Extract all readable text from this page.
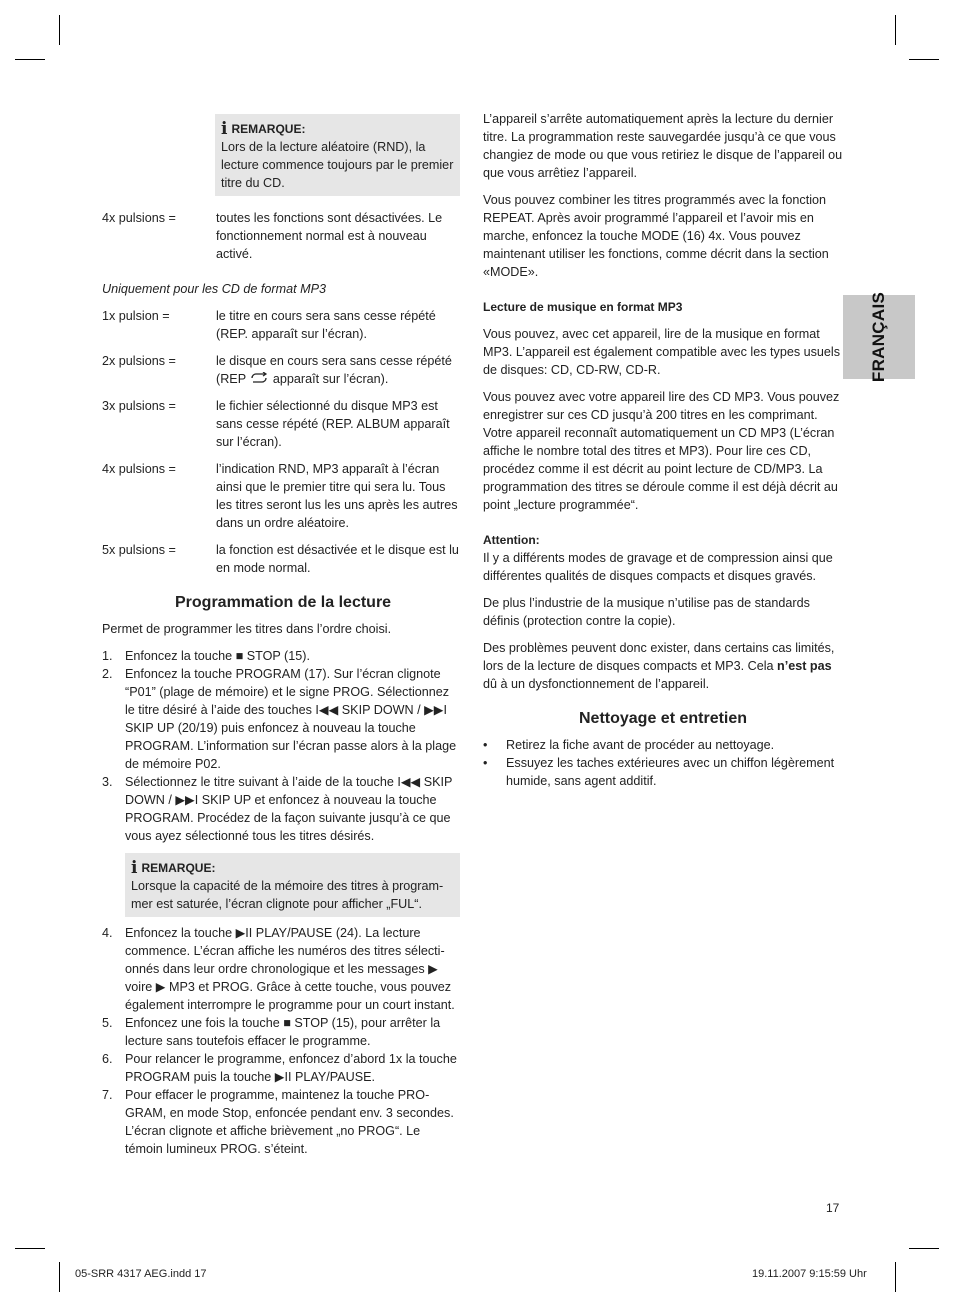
i REMARQUE:

Lors de la lecture aléatoire (RND), la lecture commence toujours par le premier titre du CD.

4x pulsions =	toutes les fonctions sont désactivées. Le fonctionnement normal est à nouveau activé.

Uniquement pour les CD de format MP3

1x pulsion =	le titre en cours sera sans cesse répété (REP. apparaît sur l’écran).
2x pulsions =	le disque en cours sera sans cesse répété (REP apparaît sur l’écran).
3x pulsions =	le fichier sélectionné du disque MP3 est sans cesse répété (REP. ALBUM apparaît sur l’écran).
4x pulsions =	l’indication RND, MP3 apparaît à l’écran ainsi que le premier titre qui sera lu. Tous les titres seront lus les uns après les autres dans un ordre aléatoire.
5x pulsions =	la fonction est désactivée et le disque est lu en mode normal.
Programmation de la lecture

Permet de programmer les titres dans l’ordre choisi.

1. Enfoncez la touche ■ STOP (15).
2. Enfoncez la touche PROGRAM (17). Sur l’écran clignote “P01” (plage de mémoire) et le signe PROG. Sélectionnez le titre désiré à l’aide des touches I◀◀ SKIP DOWN / ▶▶I SKIP UP (20/19) puis enfoncez à nouveau la touche PROGRAM. L’information sur l’écran passe alors à la plage de mémoire P02.
3. Sélectionnez le titre suivant à l’aide de la touche I◀◀ SKIP DOWN / ▶▶I SKIP UP et enfoncez à nouveau la touche PROGRAM. Procédez de la façon suivante jusqu’à ce que vous ayez sélectionné tous les titres désirés.
i REMARQUE:

Lorsque la capacité de la mémoire des titres à program-mer est saturée, l’écran clignote pour afficher „FUL“.

4. Enfoncez la touche ▶II PLAY/PAUSE (24). La lecture commence. L’écran affiche les numéros des titres sélecti-onnés dans leur ordre chronologique et les messages ▶ voire ▶ MP3 et PROG. Grâce à cette touche, vous pouvez également interrompre le programme pour un court instant.
5. Enfoncez une fois la touche ■ STOP (15), pour arrêter la lecture sans toutefois effacer le programme.
6. Pour relancer le programme, enfoncez d’abord 1x la touche PROGRAM puis la touche ▶II PLAY/PAUSE.
7. Pour effacer le programme, maintenez la touche PRO-GRAM, en mode Stop, enfoncée pendant env. 3 secondes. L’écran clignote et affiche brièvement „no PROG“. Le témoin lumineux PROG. s’éteint.

L’appareil s’arrête automatiquement après la lecture du dernier titre. La programmation reste sauvegardée jusqu’à ce que vous changiez de mode ou que vous retiriez le disque de l’appareil ou que vous arrêtiez l’appareil.

Vous pouvez combiner les titres programmés avec la fonction REPEAT. Après avoir programmé l’appareil et l’avoir mis en marche, enfoncez la touche MODE (16) 4x. Vous pouvez maintenant utiliser les fonctions, comme décrit dans la section «MODE».

Lecture de musique en format MP3

Vous pouvez, avec cet appareil, lire de la musique en format MP3. L’appareil est également compatible avec les types usuels de disques: CD, CD-RW, CD-R.

Vous pouvez avec votre appareil lire des CD MP3. Vous pouvez enregistrer sur ces CD jusqu’à 200 titres en les comprimant. Votre appareil reconnaît automatiquement un CD MP3 (L’écran affiche le nombre total des titres et MP3). Pour lire ces CD, procédez comme il est décrit au point lecture de CD/MP3. La programmation des titres se déroule comme il est déjà décrit au point „lecture programmée“.

Attention:

Il y a différents modes de gravage et de compression ainsi que différentes qualités de disques compacts et disques gravés.

De plus l’industrie de la musique n’utilise pas de standards définis (protection contre la copie).

Des problèmes peuvent donc exister, dans certains cas limités, lors de la lecture de disques compacts et MP3. Cela n’est pas dû à un dysfonctionnement de l’appareil.

Nettoyage et entretien
•	Retirez la fiche avant de procéder au nettoyage.
•	Essuyez les taches extérieures avec un chiffon légèrement humide, sans agent additif.
FRANÇAIS
17
05-SRR 4317 AEG.indd 17	19.11.2007 9:15:59 Uhr
